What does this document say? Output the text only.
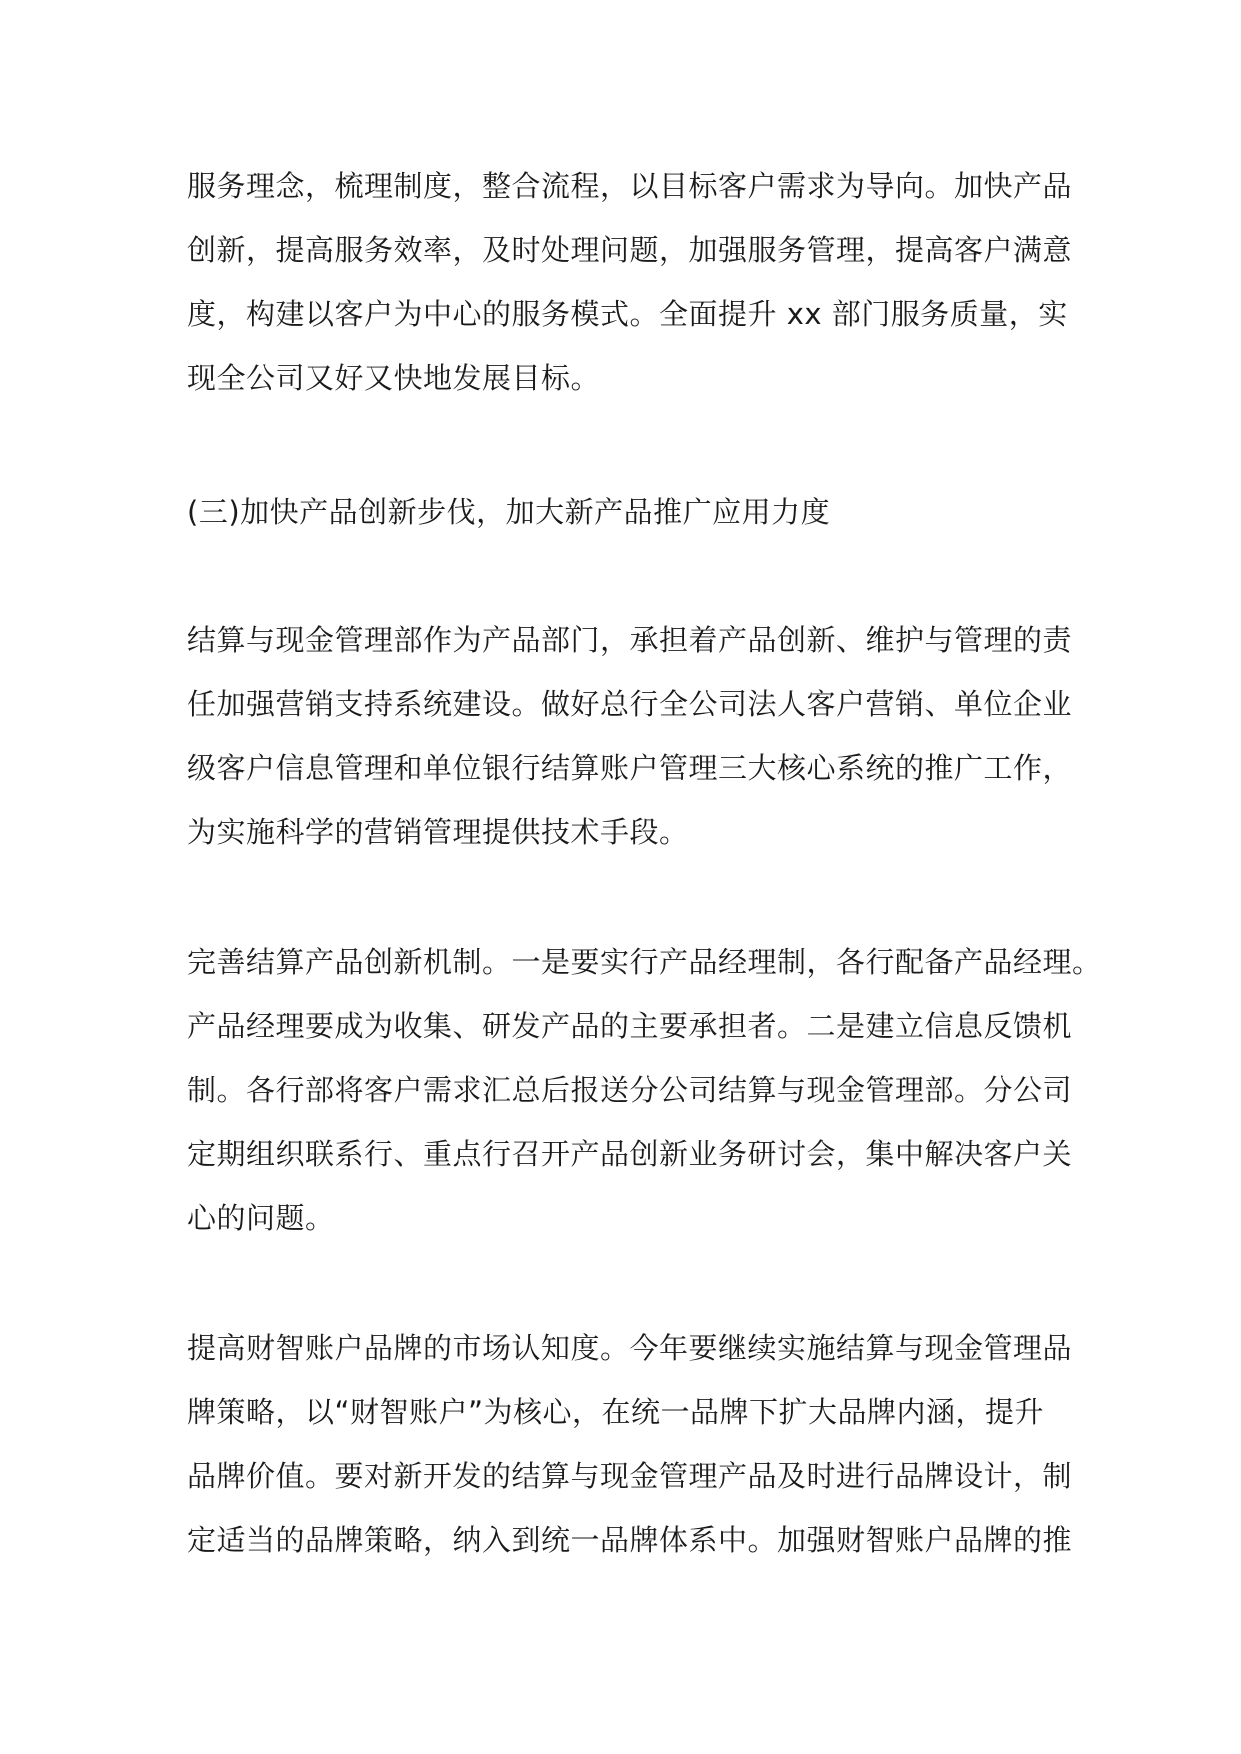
服务理念，梳理制度，整合流程，以目标客户需求为导向。加快产品
创新，提高服务效率，及时处理问题，加强服务管理，提高客户满意
度，构建以客户为中心的服务模式。全面提升 xx 部门服务质量，实
现全公司又好又快地发展目标。
(三)加快产品创新步伐，加大新产品推广应用力度
结算与现金管理部作为产品部门，承担着产品创新、维护与管理的责
任加强营销支持系统建设。做好总行全公司法人客户营销、单位企业
级客户信息管理和单位银行结算账户管理三大核心系统的推广工作，
为实施科学的营销管理提供技术手段。
完善结算产品创新机制。一是要实行产品经理制，各行配备产品经理。
产品经理要成为收集、研发产品的主要承担者。二是建立信息反馈机
制。各行部将客户需求汇总后报送分公司结算与现金管理部。分公司
定期组织联系行、重点行召开产品创新业务研讨会，集中解决客户关
心的问题。
提高财智账户品牌的市场认知度。今年要继续实施结算与现金管理品
牌策略，以“财智账户”为核心，在统一品牌下扩大品牌内涵，提升
品牌价值。要对新开发的结算与现金管理产品及时进行品牌设计，制
定适当的品牌策略，纳入到统一品牌体系中。加强财智账户品牌的推
